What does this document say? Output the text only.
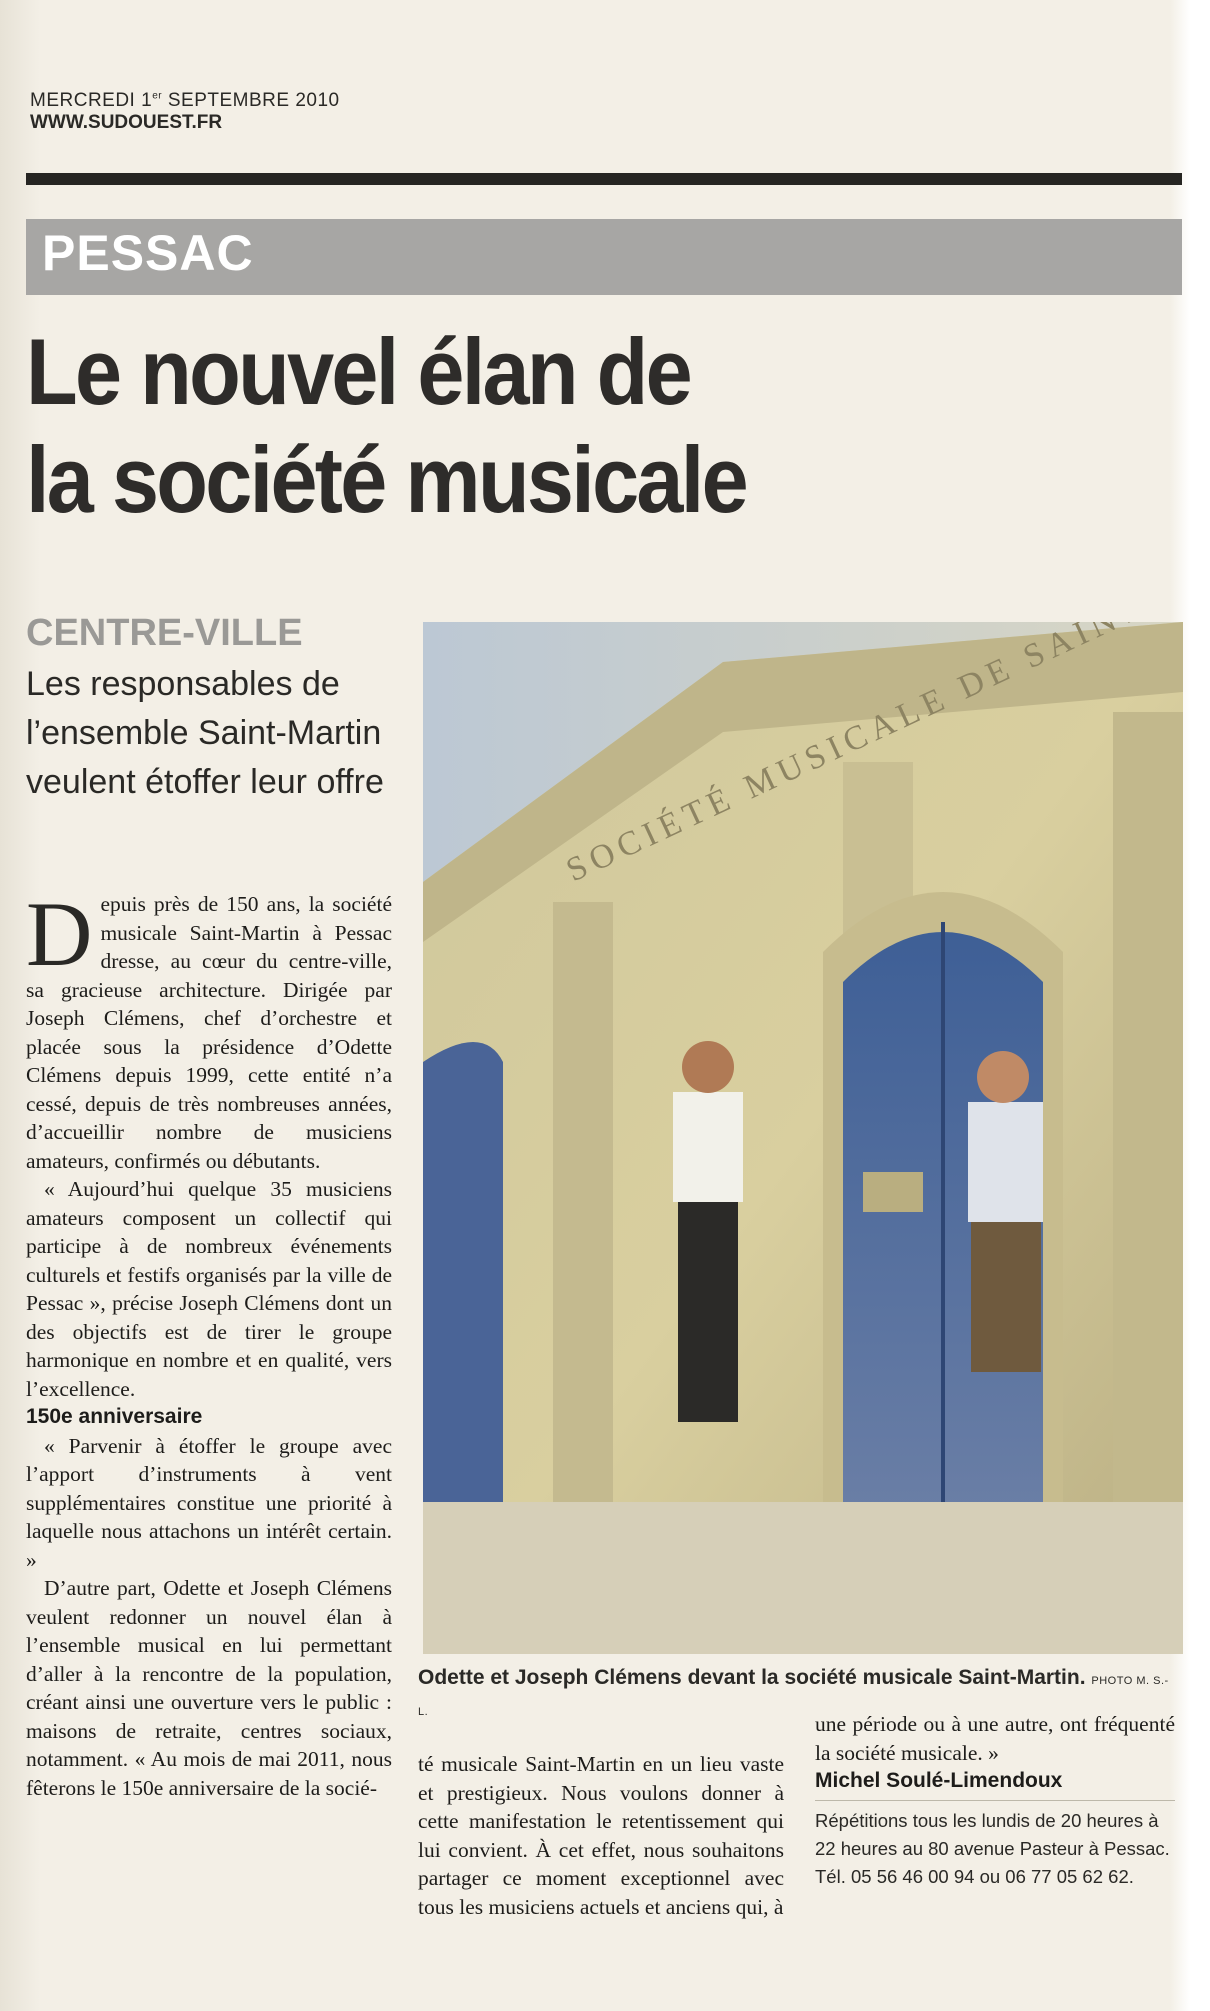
MERCREDI 1er SEPTEMBRE 2010
WWW.SUDOUEST.FR
PESSAC
Le nouvel élan de
la société musicale
CENTRE-VILLE
Les responsables de l’ensemble Saint-Martin veulent étoffer leur offre

Depuis près de 150 ans, la société musicale Saint-Martin à Pessac dresse, au cœur du centre-ville, sa gracieuse architecture. Dirigée par Joseph Clémens, chef d’orchestre et placée sous la présidence d’Odette Clémens depuis 1999, cette entité n’a cessé, depuis de très nombreuses années, d’accueillir nombre de musiciens amateurs, confirmés ou débutants.

« Aujourd’hui quelque 35 musiciens amateurs composent un collectif qui participe à de nombreux événements culturels et festifs organisés par la ville de Pessac », précise Joseph Clémens dont un des objectifs est de tirer le groupe harmonique en nombre et en qualité, vers l’excellence.

150e anniversaire

« Parvenir à étoffer le groupe avec l’apport d’instruments à vent supplémentaires constitue une priorité à laquelle nous attachons un intérêt certain. »

D’autre part, Odette et Joseph Clémens veulent redonner un nouvel élan à l’ensemble musical en lui permettant d’aller à la rencontre de la population, créant ainsi une ouverture vers le public : maisons de retraite, centres sociaux, notamment. « Au mois de mai 2011, nous fêterons le 150e anniversaire de la socié-

Odette et Joseph Clémens devant la société musicale Saint-Martin. PHOTO M. S.-L.

té musicale Saint-Martin en un lieu vaste et prestigieux. Nous voulons donner à cette manifestation le retentissement qui lui convient. À cet effet, nous souhaitons partager ce moment exceptionnel avec tous les musiciens actuels et anciens qui, à

une période ou à une autre, ont fréquenté la société musicale. »

Michel Soulé-Limendoux

Répétitions tous les lundis de 20 heures à 22 heures au 80 avenue Pasteur à Pessac. Tél. 05 56 46 00 94 ou 06 77 05 62 62.
